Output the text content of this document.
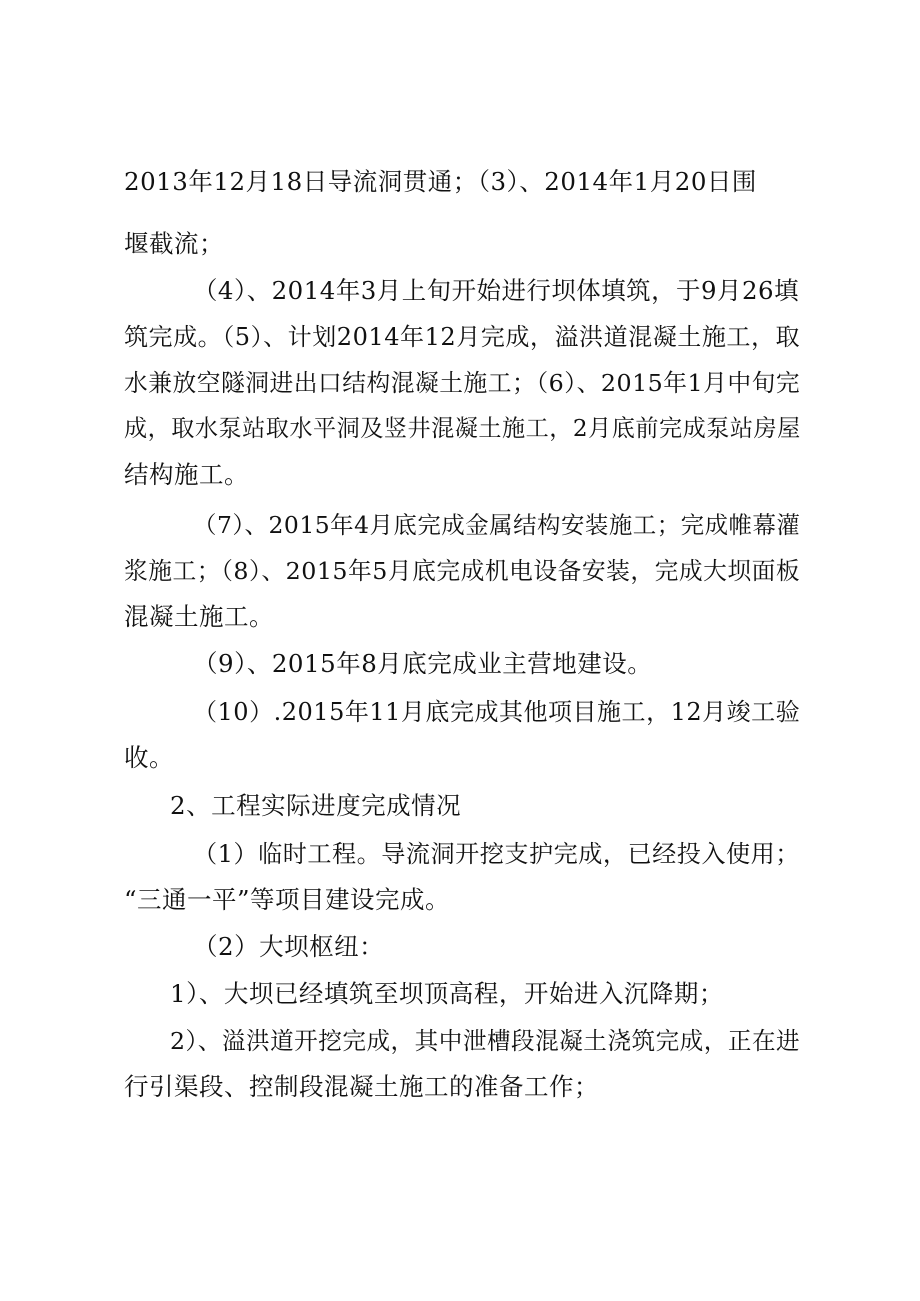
2013年12月18日导流洞贯通；（3）、2014年1月20日围

堰截流；

（4）、2014年3月上旬开始进行坝体填筑，于9月26填

筑完成。（5）、计划2014年12月完成，溢洪道混凝土施工，取

水兼放空隧洞进出口结构混凝土施工；（6）、2015年1月中旬完

成，取水泵站取水平洞及竖井混凝土施工，2月底前完成泵站房屋

结构施工。

（7）、2015年4月底完成金属结构安装施工；完成帷幕灌

浆施工；（8）、2015年5月底完成机电设备安装，完成大坝面板

混凝土施工。

（9）、2015年8月底完成业主营地建设。

（10）.2015年11月底完成其他项目施工，12月竣工验

收。

2、工程实际进度完成情况

（1）临时工程。导流洞开挖支护完成，已经投入使用；

“三通一平”等项目建设完成。

（2）大坝枢纽：

1）、大坝已经填筑至坝顶高程，开始进入沉降期；

2）、溢洪道开挖完成，其中泄槽段混凝土浇筑完成，正在进

行引渠段、控制段混凝土施工的准备工作；
